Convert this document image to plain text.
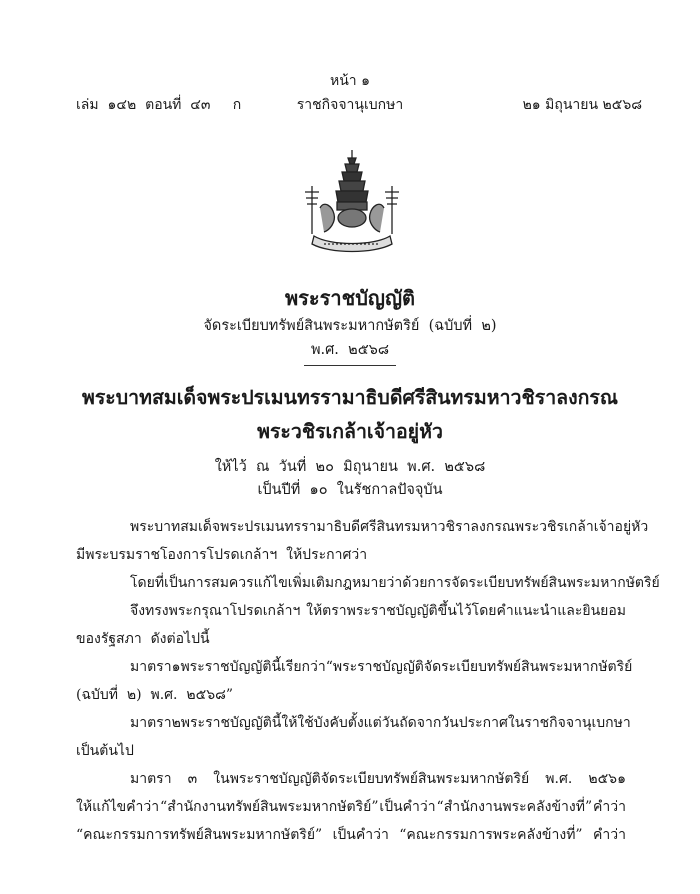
หน้า ๑
เล่ม  ๑๔๒  ตอนที่  ๔๓     ก	ราชกิจจานุเบกษา	๒๑ มิถุนายน ๒๕๖๘
พระราชบัญญัติ
จัดระเบียบทรัพย์สินพระมหากษัตริย์  (ฉบับที่  ๒)
พ.ศ.  ๒๕๖๘
พระบาทสมเด็จพระปรเมนทรรามาธิบดีศรีสินทรมหาวชิราลงกรณ
พระวชิรเกล้าเจ้าอยู่หัว
ให้ไว้  ณ  วันที่  ๒๐  มิถุนายน  พ.ศ.  ๒๕๖๘
เป็นปีที่  ๑๐  ในรัชกาลปัจจุบัน
พระบาทสมเด็จพระปรเมนทรรามาธิบดีศรีสินทรมหาวชิราลงกรณ พระวชิรเกล้าเจ้าอยู่หัว
มีพระบรมราชโองการโปรดเกล้าฯ  ให้ประกาศว่า
โดยที่เป็นการสมควรแก้ไขเพิ่มเติมกฎหมายว่าด้วยการจัดระเบียบทรัพย์สินพระมหากษัตริย์
จึงทรงพระกรุณาโปรดเกล้าฯ ให้ตราพระราชบัญญัติขึ้นไว้โดยคำแนะนำและยินยอม
ของรัฐสภา  ดังต่อไปนี้
มาตรา ๑ พระราชบัญญัตินี้เรียกว่า “พระราชบัญญัติจัดระเบียบทรัพย์สินพระมหากษัตริย์
(ฉบับที่  ๒)  พ.ศ.  ๒๕๖๘”
มาตรา ๒ พระราชบัญญัตินี้ให้ใช้บังคับตั้งแต่วันถัดจากวันประกาศในราชกิจจานุเบกษา
เป็นต้นไป
มาตรา ๓ ในพระราชบัญญัติจัดระเบียบทรัพย์สินพระมหากษัตริย์ พ.ศ. ๒๕๖๑
ให้แก้ไขคำว่า “สำนักงานทรัพย์สินพระมหากษัตริย์” เป็นคำว่า “สำนักงานพระคลังข้างที่” คำว่า
“คณะกรรมการทรัพย์สินพระมหากษัตริย์” เป็นคำว่า “คณะกรรมการพระคลังข้างที่” คำว่า
